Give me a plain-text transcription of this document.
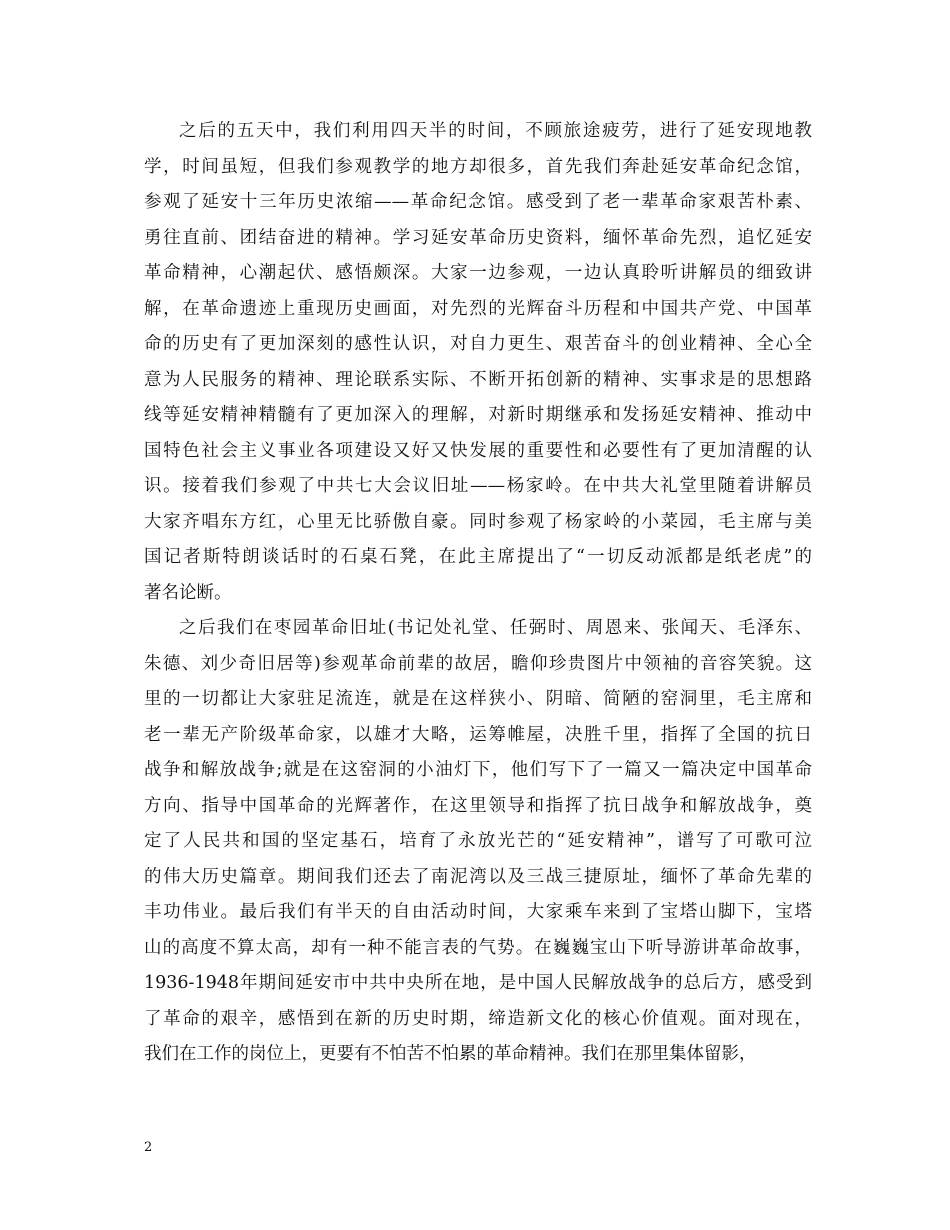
之后的五天中，我们利用四天半的时间，不顾旅途疲劳，进行了延安现地教
学，时间虽短，但我们参观教学的地方却很多，首先我们奔赴延安革命纪念馆，
参观了延安十三年历史浓缩——革命纪念馆。感受到了老一辈革命家艰苦朴素、
勇往直前、团结奋进的精神。学习延安革命历史资料，缅怀革命先烈，追忆延安
革命精神，心潮起伏、感悟颇深。大家一边参观，一边认真聆听讲解员的细致讲
解，在革命遗迹上重现历史画面，对先烈的光辉奋斗历程和中国共产党、中国革
命的历史有了更加深刻的感性认识，对自力更生、艰苦奋斗的创业精神、全心全
意为人民服务的精神、理论联系实际、不断开拓创新的精神、实事求是的思想路
线等延安精神精髓有了更加深入的理解，对新时期继承和发扬延安精神、推动中
国特色社会主义事业各项建设又好又快发展的重要性和必要性有了更加清醒的认
识。接着我们参观了中共七大会议旧址——杨家岭。在中共大礼堂里随着讲解员
大家齐唱东方红，心里无比骄傲自豪。同时参观了杨家岭的小菜园，毛主席与美
国记者斯特朗谈话时的石桌石凳，在此主席提出了“一切反动派都是纸老虎”的
著名论断。
之后我们在枣园革命旧址(书记处礼堂、任弼时、周恩来、张闻天、毛泽东、
朱德、刘少奇旧居等)参观革命前辈的故居，瞻仰珍贵图片中领袖的音容笑貌。这
里的一切都让大家驻足流连，就是在这样狭小、阴暗、简陋的窑洞里，毛主席和
老一辈无产阶级革命家，以雄才大略，运筹帷屋，决胜千里，指挥了全国的抗日
战争和解放战争;就是在这窑洞的小油灯下，他们写下了一篇又一篇决定中国革命
方向、指导中国革命的光辉著作，在这里领导和指挥了抗日战争和解放战争，奠
定了人民共和国的坚定基石，培育了永放光芒的“延安精神”，谱写了可歌可泣
的伟大历史篇章。期间我们还去了南泥湾以及三战三捷原址，缅怀了革命先辈的
丰功伟业。最后我们有半天的自由活动时间，大家乘车来到了宝塔山脚下，宝塔
山的高度不算太高，却有一种不能言表的气势。在巍巍宝山下听导游讲革命故事，
1936-1948年期间延安市中共中央所在地，是中国人民解放战争的总后方，感受到
了革命的艰辛，感悟到在新的历史时期，缔造新文化的核心价值观。面对现在，
我们在工作的岗位上，更要有不怕苦不怕累的革命精神。我们在那里集体留影，
2
